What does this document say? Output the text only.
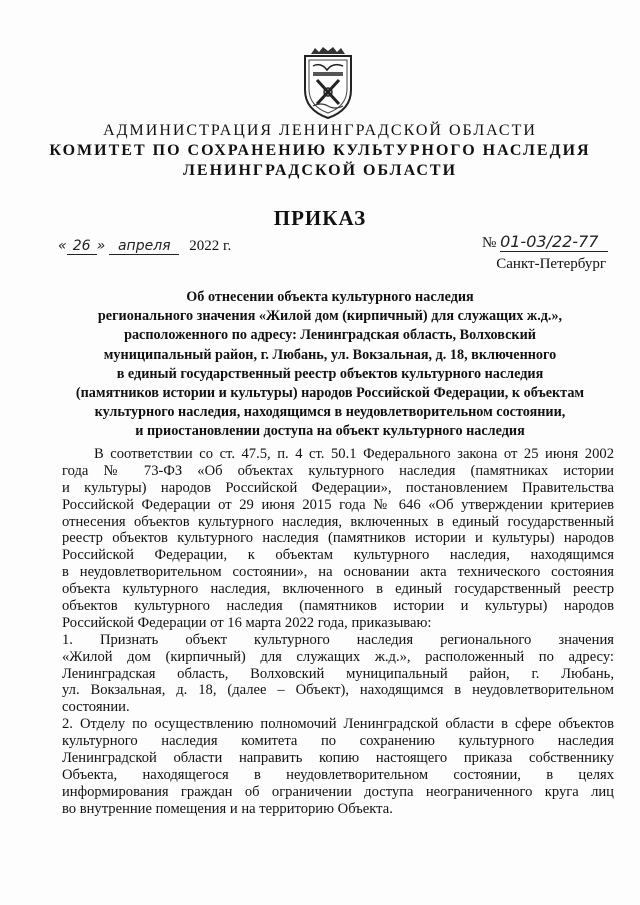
АДМИНИСТРАЦИЯ ЛЕНИНГРАДСКОЙ ОБЛАСТИ
КОМИТЕТ ПО СОХРАНЕНИЮ КУЛЬТУРНОГО НАСЛЕДИЯ
ЛЕНИНГРАДСКОЙ ОБЛАСТИ
ПРИКАЗ
« 26 » апреля 2022 г.	№ 01-03/22-77
Санкт-Петербург
Об отнесении объекта культурного наследия
регионального значения «Жилой дом (кирпичный) для служащих ж.д.»,
расположенного по адресу: Ленинградская область, Волховский
муниципальный район, г. Любань, ул. Вокзальная, д. 18, включенного
в единый государственный реестр объектов культурного наследия
(памятников истории и культуры) народов Российской Федерации, к объектам
культурного наследия, находящимся в неудовлетворительном состоянии,
и приостановлении доступа на объект культурного наследия
В соответствии со ст. 47.5, п. 4 ст. 50.1 Федерального закона от 25 июня 2002
года № 73-ФЗ «Об объектах культурного наследия (памятниках истории
и культуры) народов Российской Федерации», постановлением Правительства
Российской Федерации от 29 июня 2015 года № 646 «Об утверждении критериев
отнесения объектов культурного наследия, включенных в единый государственный
реестр объектов культурного наследия (памятников истории и культуры) народов
Российской Федерации, к объектам культурного наследия, находящимся
в неудовлетворительном состоянии», на основании акта технического состояния
объекта культурного наследия, включенного в единый государственный реестр
объектов культурного наследия (памятников истории и культуры) народов
Российской Федерации от 16 марта 2022 года, приказываю:
1. Признать объект культурного наследия регионального значения
«Жилой дом (кирпичный) для служащих ж.д.», расположенный по адресу:
Ленинградская область, Волховский муниципальный район, г. Любань,
ул. Вокзальная, д. 18, (далее – Объект), находящимся в неудовлетворительном
состоянии.
2. Отделу по осуществлению полномочий Ленинградской области в сфере объектов
культурного наследия комитета по сохранению культурного наследия
Ленинградской области направить копию настоящего приказа собственнику
Объекта, находящегося в неудовлетворительном состоянии, в целях
информирования граждан об ограничении доступа неограниченного круга лиц
во внутренние помещения и на территорию Объекта.
